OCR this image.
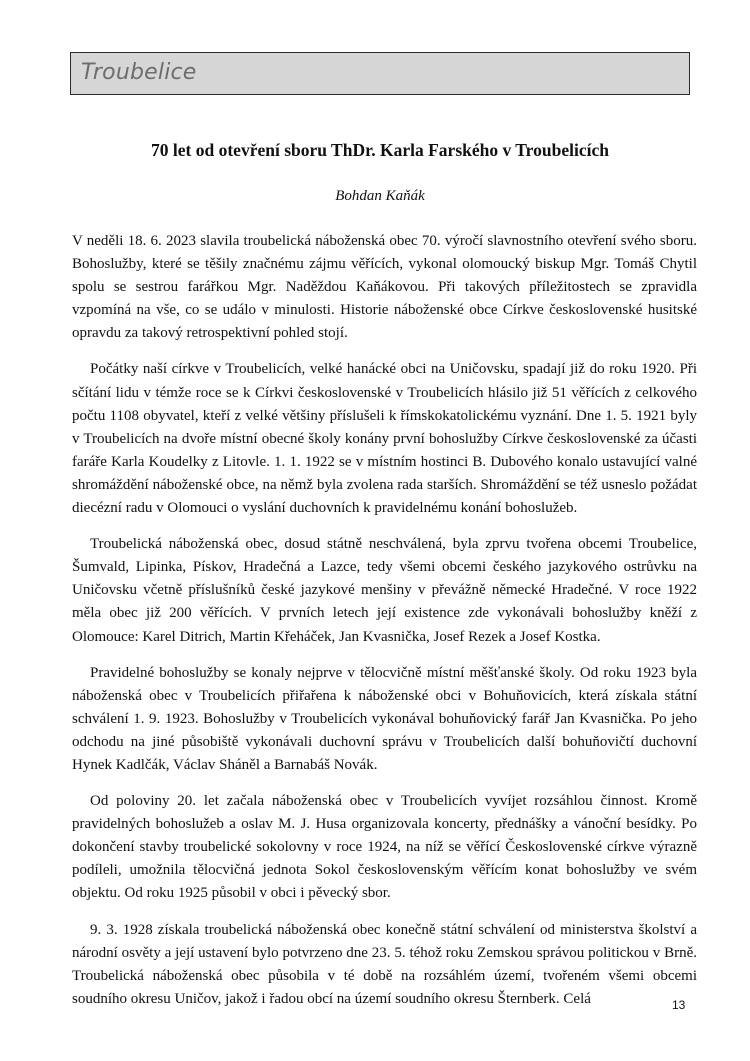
Troubelice
70 let od otevření sboru ThDr. Karla Farského v Troubelicích
Bohdan Kaňák

V neděli 18. 6. 2023 slavila troubelická náboženská obec 70. výročí slavnostního otevření svého sboru. Bohoslužby, které se těšily značnému zájmu věřících, vykonal olomoucký biskup Mgr. Tomáš Chytil spolu se sestrou farářkou Mgr. Naděždou Kaňákovou. Při takových příležitostech se zpravidla vzpomíná na vše, co se událo v minulosti. Historie náboženské obce Církve československé husitské opravdu za takový retrospektivní pohled stojí.

Počátky naší církve v Troubelicích, velké hanácké obci na Uničovsku, spadají již do roku 1920. Při sčítání lidu v témže roce se k Církvi československé v Troubelicích hlásilo již 51 věřících z celkového počtu 1108 obyvatel, kteří z velké většiny příslušeli k římskokatolickému vyznání. Dne 1. 5. 1921 byly v Troubelicích na dvoře místní obecné školy konány první bohoslužby Církve československé za účasti faráře Karla Koudelky z Litovle. 1. 1. 1922 se v místním hostinci B. Dubového konalo ustavující valné shromáždění náboženské obce, na němž byla zvolena rada starších. Shromáždění se též usneslo požádat diecézní radu v Olomouci o vyslání duchovních k pravidelnému konání bohoslužeb.

Troubelická náboženská obec, dosud státně neschválená, byla zprvu tvořena obcemi Troubelice, Šumvald, Lipinka, Pískov, Hradečná a Lazce, tedy všemi obcemi českého jazykového ostrůvku na Uničovsku včetně příslušníků české jazykové menšiny v převážně německé Hradečné. V roce 1922 měla obec již 200 věřících. V prvních letech její existence zde vykonávali bohoslužby kněží z Olomouce: Karel Ditrich, Martin Křeháček, Jan Kvasnička, Josef Rezek a Josef Kostka.

Pravidelné bohoslužby se konaly nejprve v tělocvičně místní měšťanské školy. Od roku 1923 byla náboženská obec v Troubelicích přiřařena k náboženské obci v Bohuňovicích, která získala státní schválení 1. 9. 1923. Bohoslužby v Troubelicích vykonával bohuňovický farář Jan Kvasnička. Po jeho odchodu na jiné působiště vykonávali duchovní správu v Troubelicích další bohuňovičtí duchovní Hynek Kadlčák, Václav Sháněl a Barnabáš Novák.

Od poloviny 20. let začala náboženská obec v Troubelicích vyvíjet rozsáhlou činnost. Kromě pravidelných bohoslužeb a oslav M. J. Husa organizovala koncerty, přednášky a vánoční besídky. Po dokončení stavby troubelické sokolovny v roce 1924, na níž se věřící Československé církve výrazně podíleli, umožnila tělocvičná jednota Sokol československým věřícím konat bohoslužby ve svém objektu. Od roku 1925 působil v obci i pěvecký sbor.

9. 3. 1928 získala troubelická náboženská obec konečně státní schválení od ministerstva školství a národní osvěty a její ustavení bylo potvrzeno dne 23. 5. téhož roku Zemskou správou politickou v Brně. Troubelická náboženská obec působila v té době na rozsáhlém území, tvořeném všemi obcemi soudního okresu Uničov, jakož i řadou obcí na území soudního okresu Šternberk. Celá	13
